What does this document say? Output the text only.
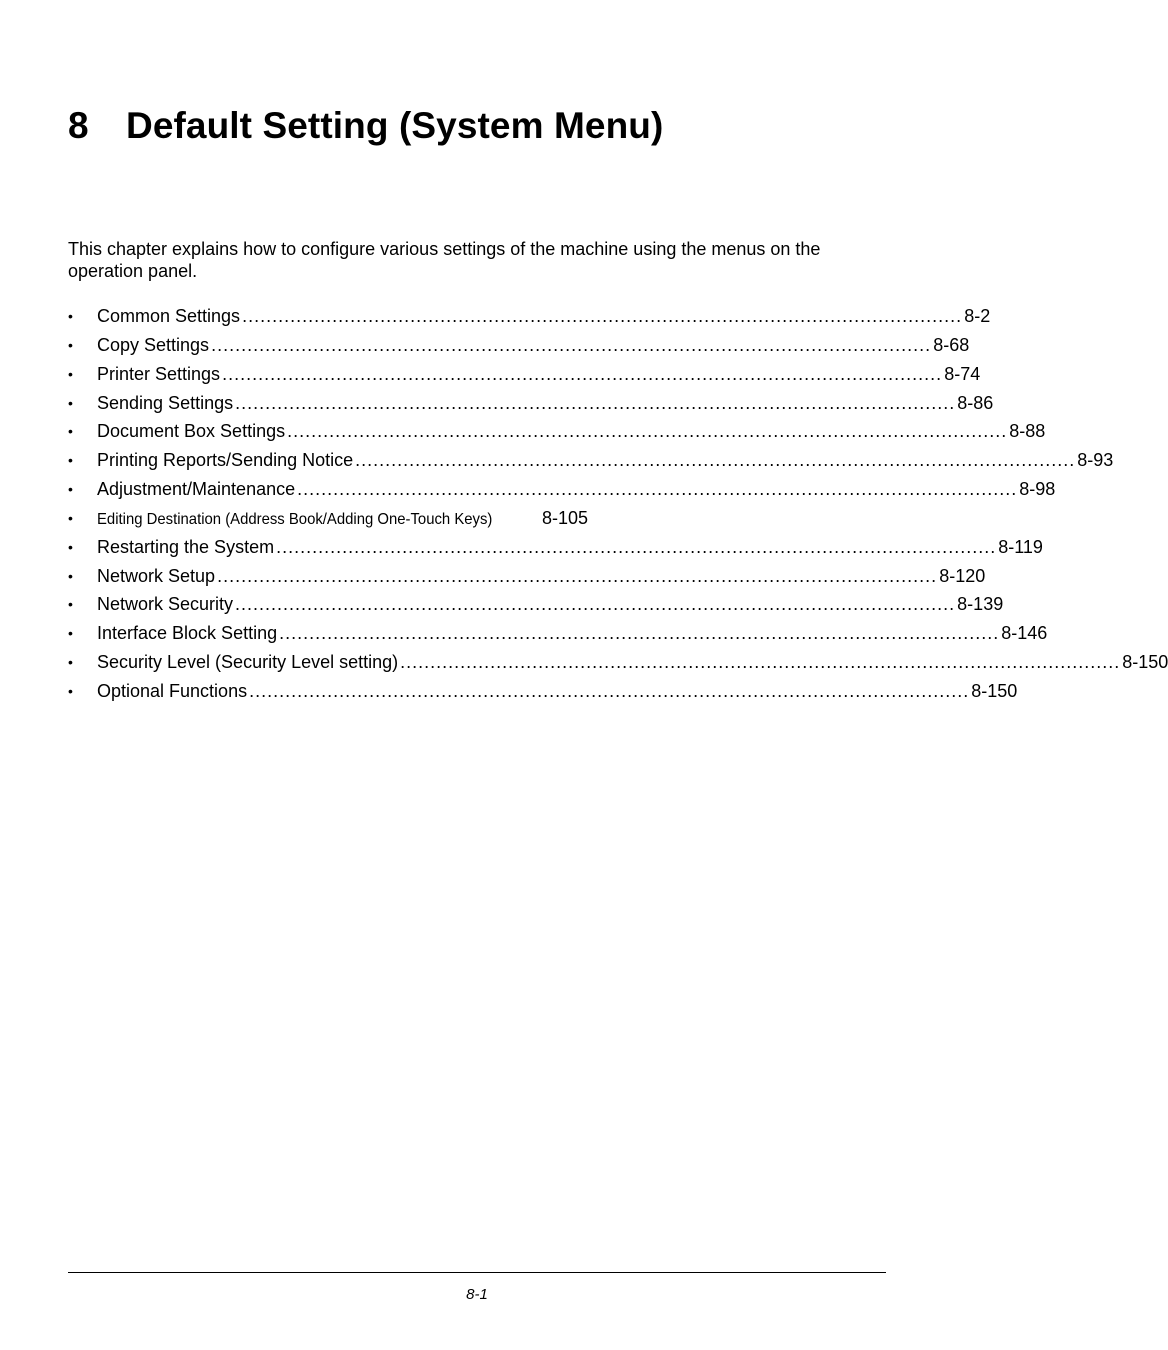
8 Default Setting (System Menu)

This chapter explains how to configure various settings of the machine using the menus on the operation panel.

• Common Settings ........................................................................................................................ 8-2
• Copy Settings ........................................................................................................................ 8-68
• Printer Settings ........................................................................................................................ 8-74
• Sending Settings ........................................................................................................................ 8-86
• Document Box Settings ........................................................................................................................ 8-88
• Printing Reports/Sending Notice ........................................................................................................................ 8-93
• Adjustment/Maintenance ........................................................................................................................ 8-98
• Editing Destination (Address Book/Adding One-Touch Keys)	8-105
• Restarting the System ........................................................................................................................ 8-119
• Network Setup ........................................................................................................................ 8-120
• Network Security ........................................................................................................................ 8-139
• Interface Block Setting ........................................................................................................................ 8-146
• Security Level (Security Level setting) ........................................................................................................................ 8-150
• Optional Functions ........................................................................................................................ 8-150
8-1
